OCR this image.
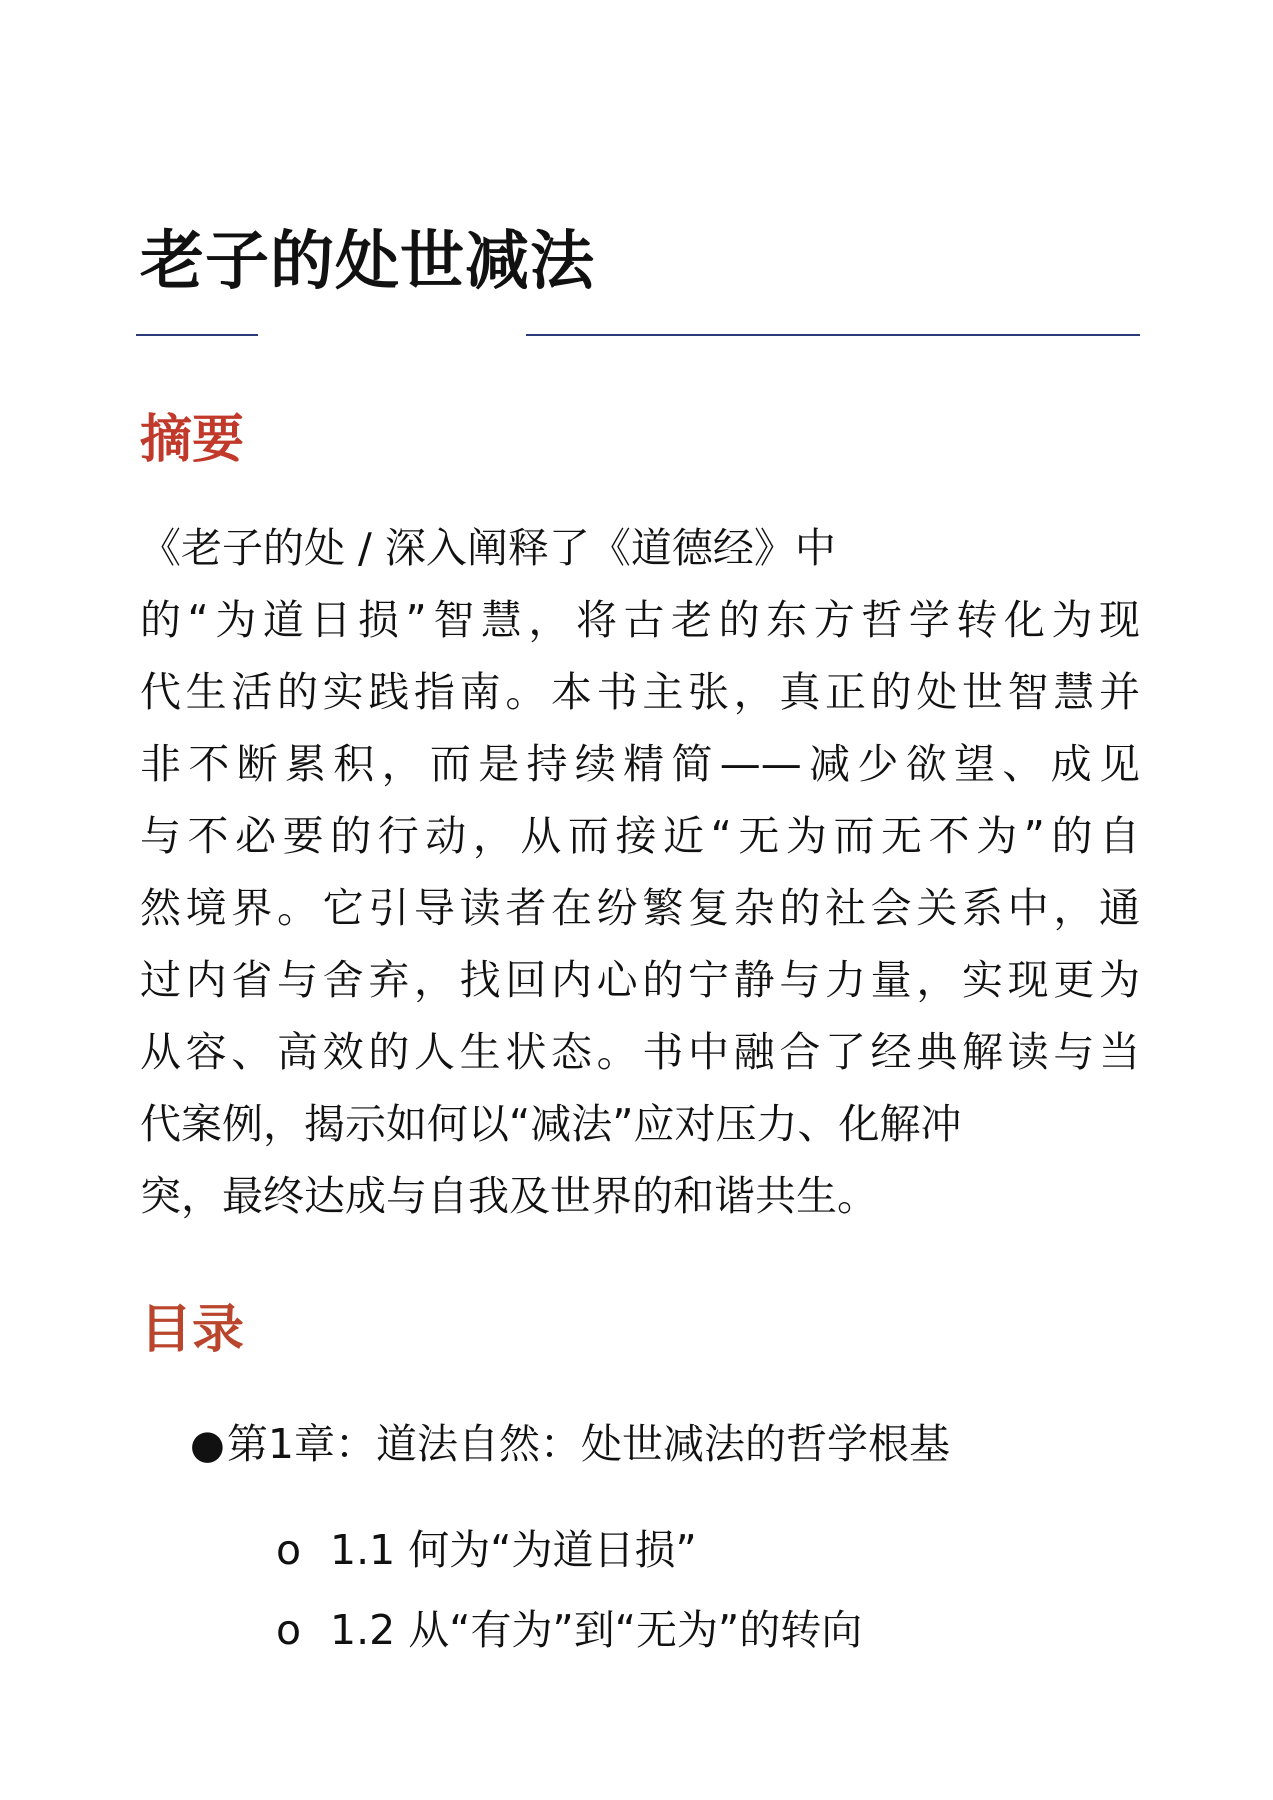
老子的处世减法
摘要
《老子的处 / 深入阐释了《道德经》中
的“为道日损”智慧，将古老的东方哲学转化为现
代生活的实践指南。本书主张，真正的处世智慧并
非不断累积，而是持续精简——减少欲望、成见
与不必要的行动，从而接近“无为而无不为”的自
然境界。它引导读者在纷繁复杂的社会关系中，通
过内省与舍弃，找回内心的宁静与力量，实现更为
从容、高效的人生状态。书中融合了经典解读与当
代案例，揭示如何以“减法”应对压力、化解冲
突，最终达成与自我及世界的和谐共生。
目录
● 第1章：道法自然：处世减法的哲学根基
o 1.1 何为“为道日损”
o 1.2 从“有为”到“无为”的转向
